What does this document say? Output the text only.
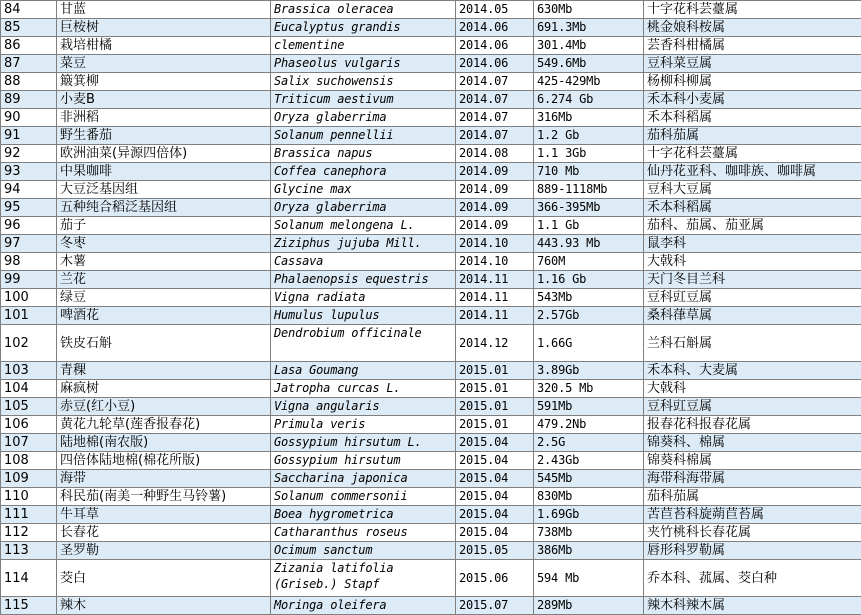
84	甘蓝	Brassica oleracea	2014.05	630Mb	十字花科芸薹属
85	巨桉树	Eucalyptus grandis	2014.06	691.3Mb	桃金娘科桉属
86	栽培柑橘	clementine	2014.06	301.4Mb	芸香科柑橘属
87	菜豆	Phaseolus vulgaris	2014.06	549.6Mb	豆科菜豆属
88	簸箕柳	Salix suchowensis	2014.07	425-429Mb	杨柳科柳属
89	小麦B	Triticum aestivum	2014.07	6.274 Gb	禾本科小麦属
90	非洲稻	Oryza glaberrima	2014.07	316Mb	禾本科稻属
91	野生番茄	Solanum pennellii	2014.07	1.2 Gb	茄科茄属
92	欧洲油菜(异源四倍体)	Brassica napus	2014.08	1.1 3Gb	十字花科芸薹属
93	中果咖啡	Coffea canephora	2014.09	710 Mb	仙丹花亚科、咖啡族、咖啡属
94	大豆泛基因组	Glycine max	2014.09	889-1118Mb	豆科大豆属
95	五种纯合稻泛基因组	Oryza glaberrima	2014.09	366-395Mb	禾本科稻属
96	茄子	Solanum melongena L.	2014.09	1.1 Gb	茄科、茄属、茄亚属
97	冬枣	Ziziphus jujuba Mill.	2014.10	443.93 Mb	鼠李科
98	木薯	Cassava	2014.10	760M	大戟科
99	兰花	Phalaenopsis equestris	2014.11	1.16 Gb	天门冬目兰科
100	绿豆	Vigna radiata	2014.11	543Mb	豆科豇豆属
101	啤酒花	Humulus lupulus	2014.11	2.57Gb	桑科葎草属
102	铁皮石斛	Dendrobium officinale	2014.12	1.66G	兰科石斛属
103	青稞	Lasa Goumang	2015.01	3.89Gb	禾本科、大麦属
104	麻疯树	Jatropha curcas L.	2015.01	320.5 Mb	大戟科
105	赤豆(红小豆)	Vigna angularis	2015.01	591Mb	豆科豇豆属
106	黄花九轮草(莲香报春花)	Primula veris	2015.01	479.2Nb	报春花科报春花属
107	陆地棉(南农版)	Gossypium hirsutum L.	2015.04	2.5G	锦葵科、棉属
108	四倍体陆地棉(棉花所版)	Gossypium hirsutum	2015.04	2.43Gb	锦葵科棉属
109	海带	Saccharina japonica	2015.04	545Mb	海带科海带属
110	科民茄(南美一种野生马铃薯)	Solanum commersonii	2015.04	830Mb	茄科茄属
111	牛耳草	Boea hygrometrica	2015.04	1.69Gb	苦苣苔科旋蒴苣苔属
112	长春花	Catharanthus roseus	2015.04	738Mb	夹竹桃科长春花属
113	圣罗勒	Ocimum sanctum	2015.05	386Mb	唇形科罗勒属
114	茭白	Zizania latifolia (Griseb.) Stapf	2015.06	594 Mb	乔本科、菰属、茭白种
115	辣木	Moringa oleifera	2015.07	289Mb	辣木科辣木属
